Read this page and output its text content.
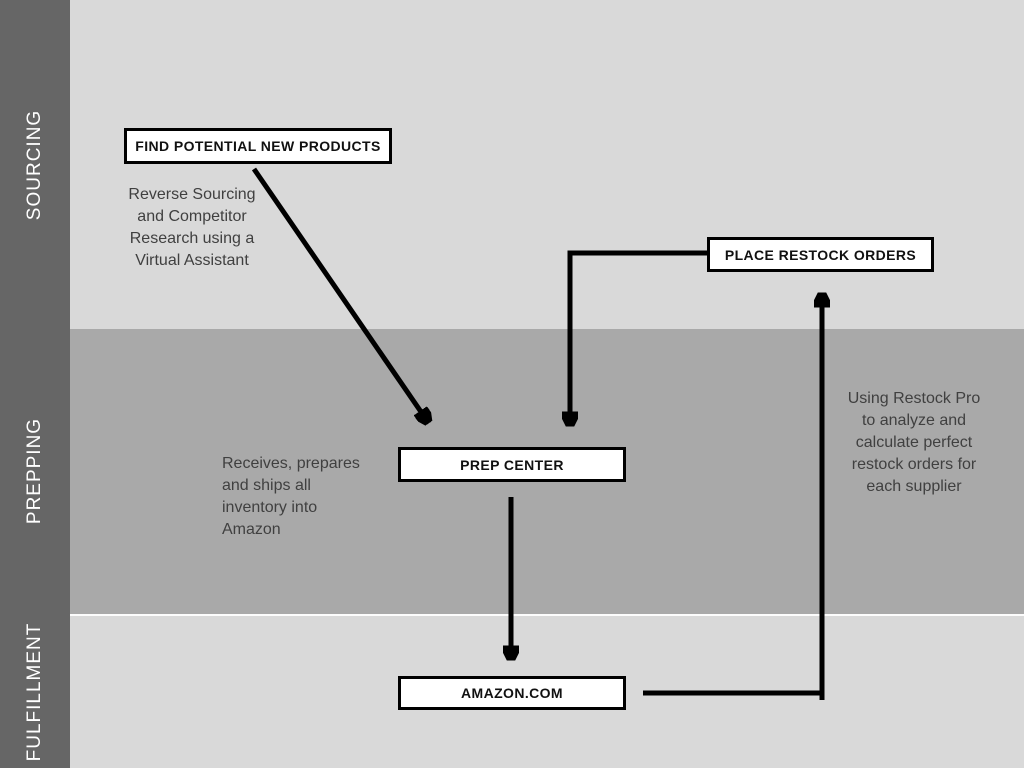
SOURCING
PREPPING
FULFILLMENT
FIND POTENTIAL NEW PRODUCTS
PLACE RESTOCK ORDERS
PREP CENTER
AMAZON.COM
Reverse Sourcing
and Competitor
Research using a
Virtual Assistant
Receives, prepares
and ships all
inventory into
Amazon
Using Restock Pro
to analyze and
calculate perfect
restock orders for
each supplier
